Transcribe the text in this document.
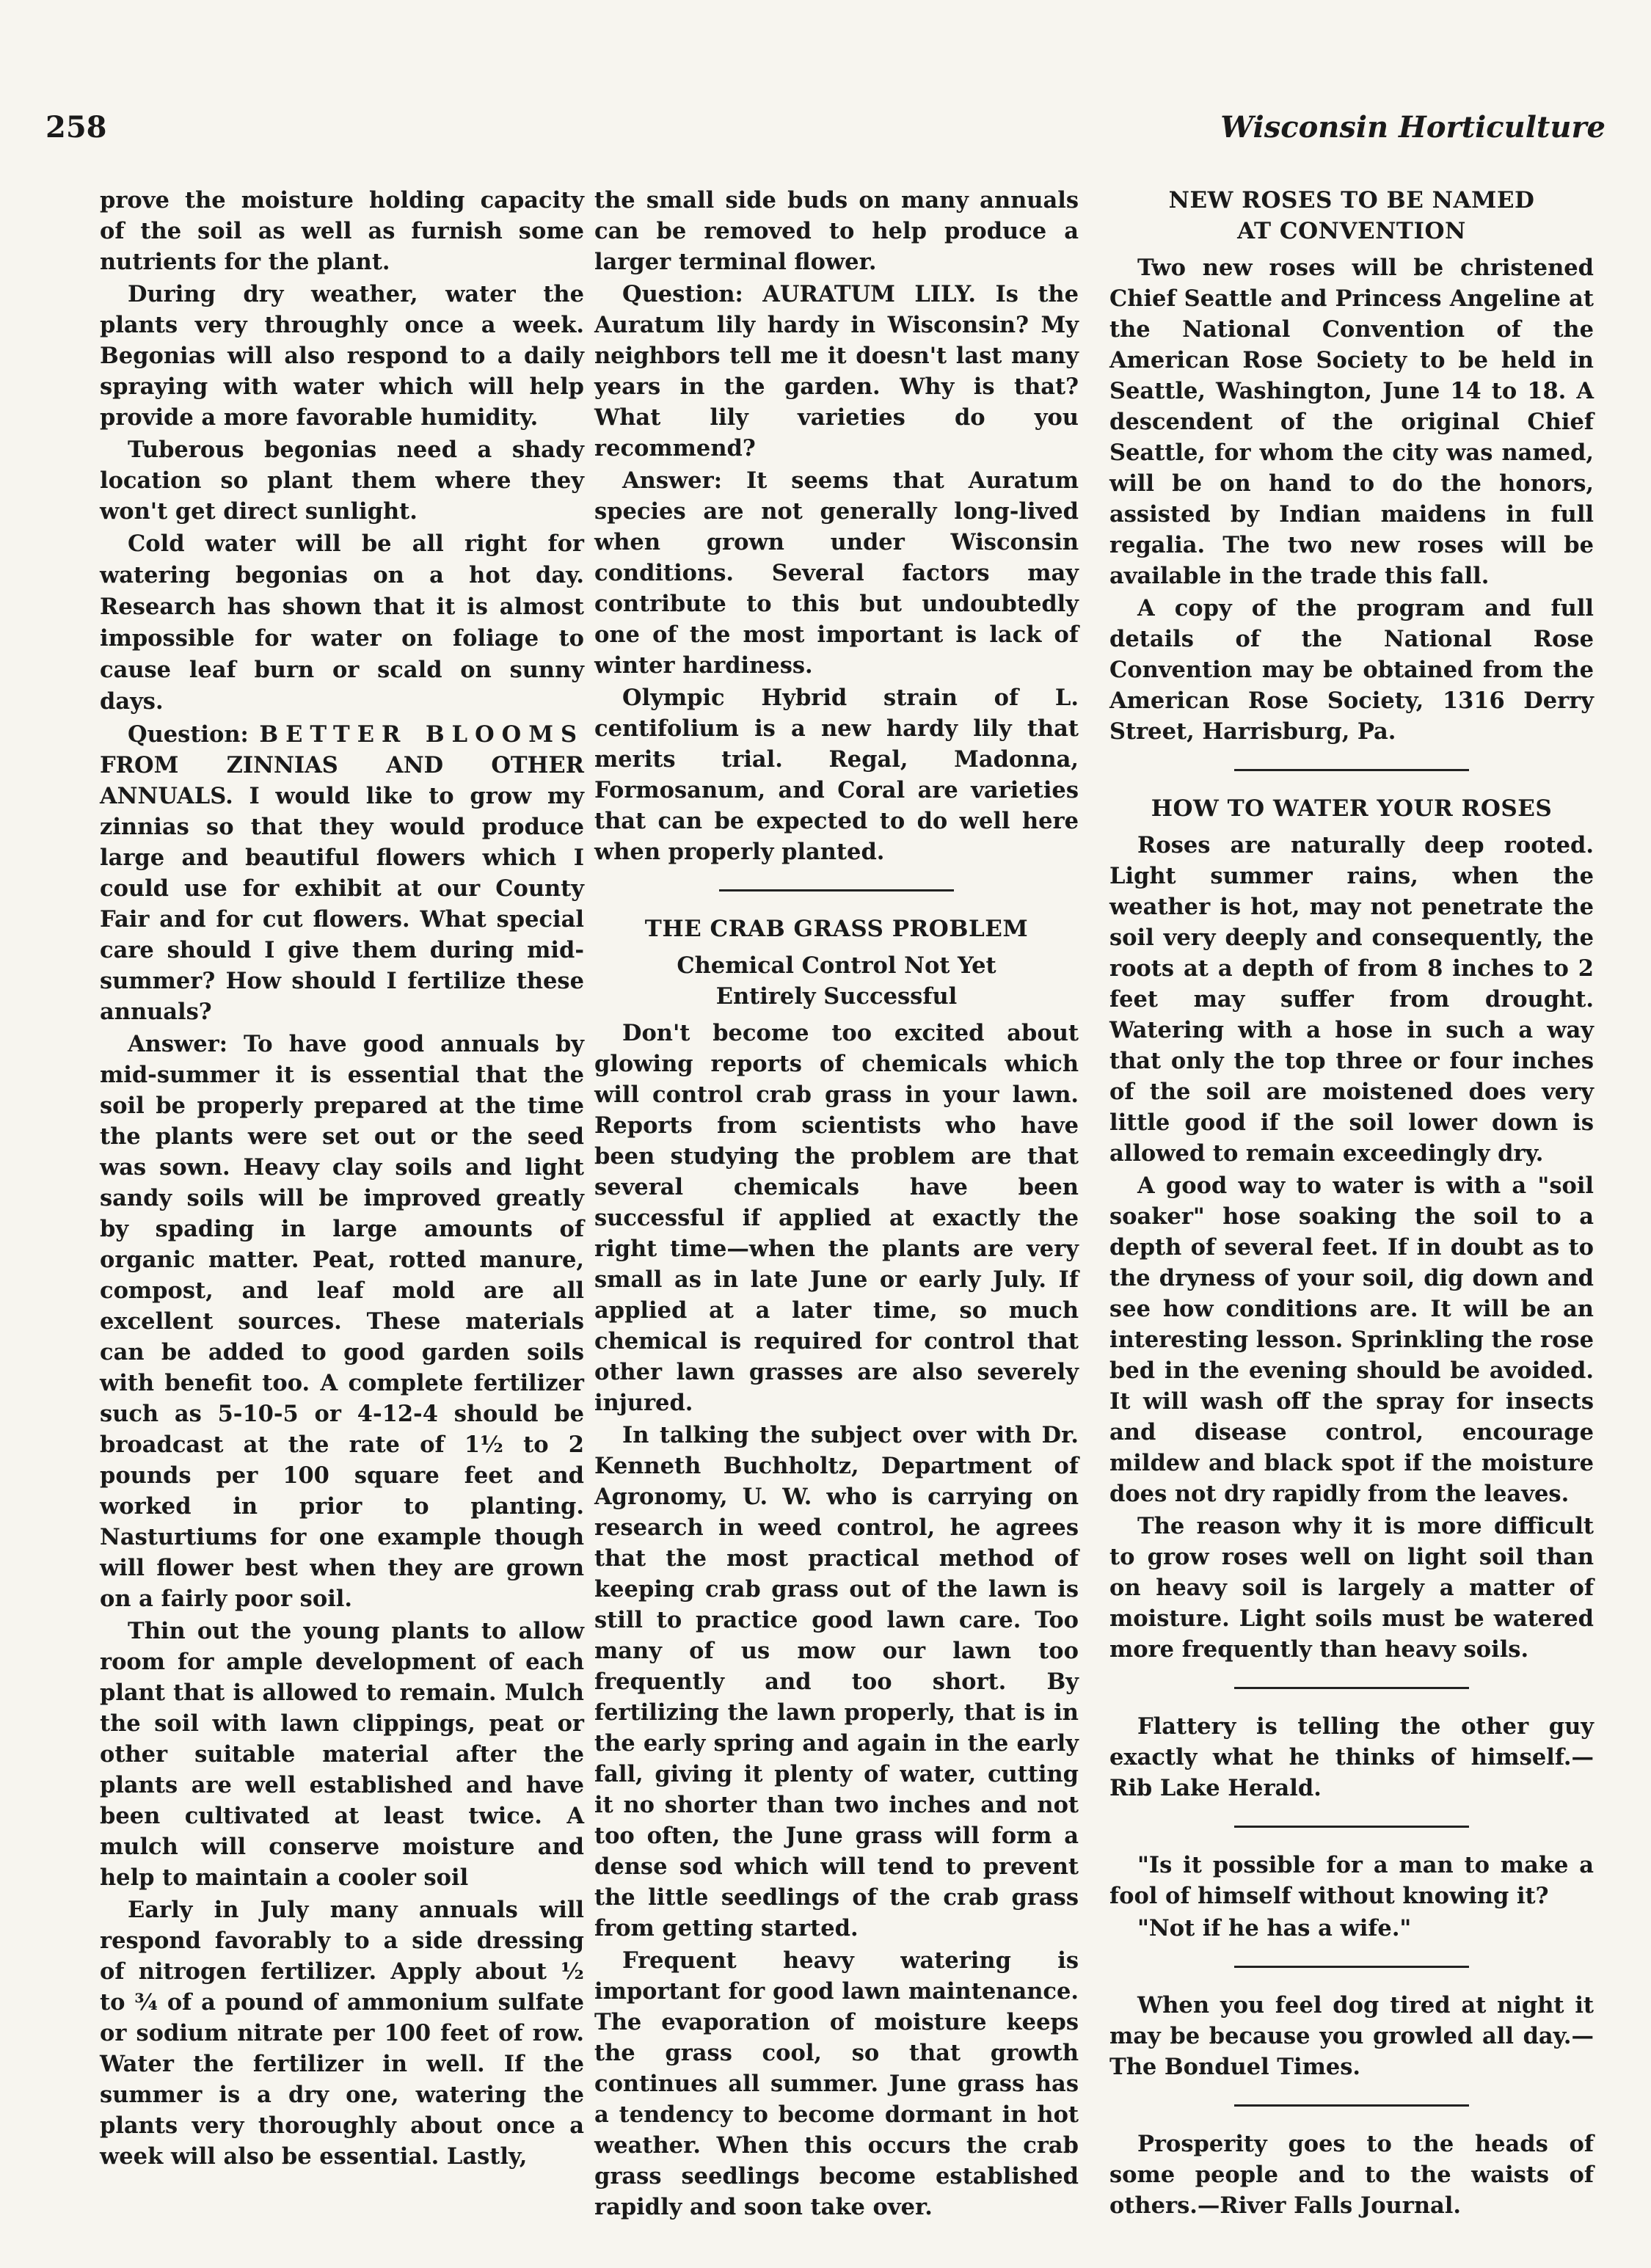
258	Wisconsin Horticulture

prove the moisture holding capacity of the soil as well as furnish some nutrients for the plant.

During dry weather, water the plants very throughly once a week. Begonias will also respond to a daily spraying with water which will help provide a more favorable humidity.

Tuberous begonias need a shady location so plant them where they won't get direct sunlight.

Cold water will be all right for watering begonias on a hot day. Research has shown that it is almost impossible for water on foliage to cause leaf burn or scald on sunny days.

Question: BETTER BLOOMS FROM ZINNIAS AND OTHER ANNUALS. I would like to grow my zinnias so that they would produce large and beautiful flowers which I could use for exhibit at our County Fair and for cut flowers. What special care should I give them during mid-summer? How should I fertilize these annuals?

Answer: To have good annuals by mid-summer it is essential that the soil be properly prepared at the time the plants were set out or the seed was sown. Heavy clay soils and light sandy soils will be improved greatly by spading in large amounts of organic matter. Peat, rotted manure, compost, and leaf mold are all excellent sources. These materials can be added to good garden soils with benefit too. A complete fertilizer such as 5-10-5 or 4-12-4 should be broadcast at the rate of 1½ to 2 pounds per 100 square feet and worked in prior to planting. Nasturtiums for one example though will flower best when they are grown on a fairly poor soil.

Thin out the young plants to allow room for ample development of each plant that is allowed to remain. Mulch the soil with lawn clippings, peat or other suitable material after the plants are well established and have been cultivated at least twice. A mulch will conserve moisture and help to maintain a cooler soil

Early in July many annuals will respond favorably to a side dressing of nitrogen fertilizer. Apply about ½ to ¾ of a pound of ammonium sulfate or sodium nitrate per 100 feet of row. Water the fertilizer in well. If the summer is a dry one, watering the plants very thoroughly about once a week will also be essential. Lastly,

the small side buds on many annuals can be removed to help produce a larger terminal flower.

Question: AURATUM LILY. Is the Auratum lily hardy in Wisconsin? My neighbors tell me it doesn't last many years in the garden. Why is that? What lily varieties do you recommend?

Answer: It seems that Auratum species are not generally long-lived when grown under Wisconsin conditions. Several factors may contribute to this but undoubtedly one of the most important is lack of winter hardiness.

Olympic Hybrid strain of L. centifolium is a new hardy lily that merits trial. Regal, Madonna, Formosanum, and Coral are varieties that can be expected to do well here when properly planted.

THE CRAB GRASS PROBLEM
Chemical Control Not Yet
Entirely Successful

Don't become too excited about glowing reports of chemicals which will control crab grass in your lawn. Reports from scientists who have been studying the problem are that several chemicals have been successful if applied at exactly the right time—when the plants are very small as in late June or early July. If applied at a later time, so much chemical is required for control that other lawn grasses are also severely injured.

In talking the subject over with Dr. Kenneth Buchholtz, Department of Agronomy, U. W. who is carrying on research in weed control, he agrees that the most practical method of keeping crab grass out of the lawn is still to practice good lawn care. Too many of us mow our lawn too frequently and too short. By fertilizing the lawn properly, that is in the early spring and again in the early fall, giving it plenty of water, cutting it no shorter than two inches and not too often, the June grass will form a dense sod which will tend to prevent the little seedlings of the crab grass from getting started.

Frequent heavy watering is important for good lawn maintenance. The evaporation of moisture keeps the grass cool, so that growth continues all summer. June grass has a tendency to become dormant in hot weather. When this occurs the crab grass seedlings become established rapidly and soon take over.

NEW ROSES TO BE NAMED
AT CONVENTION

Two new roses will be christened Chief Seattle and Princess Angeline at the National Convention of the American Rose Society to be held in Seattle, Washington, June 14 to 18. A descendent of the original Chief Seattle, for whom the city was named, will be on hand to do the honors, assisted by Indian maidens in full regalia. The two new roses will be available in the trade this fall.

A copy of the program and full details of the National Rose Convention may be obtained from the American Rose Society, 1316 Derry Street, Harrisburg, Pa.

HOW TO WATER YOUR ROSES

Roses are naturally deep rooted. Light summer rains, when the weather is hot, may not penetrate the soil very deeply and consequently, the roots at a depth of from 8 inches to 2 feet may suffer from drought. Watering with a hose in such a way that only the top three or four inches of the soil are moistened does very little good if the soil lower down is allowed to remain exceedingly dry.

A good way to water is with a "soil soaker" hose soaking the soil to a depth of several feet. If in doubt as to the dryness of your soil, dig down and see how conditions are. It will be an interesting lesson. Sprinkling the rose bed in the evening should be avoided. It will wash off the spray for insects and disease control, encourage mildew and black spot if the moisture does not dry rapidly from the leaves.

The reason why it is more difficult to grow roses well on light soil than on heavy soil is largely a matter of moisture. Light soils must be watered more frequently than heavy soils.

Flattery is telling the other guy exactly what he thinks of himself.—Rib Lake Herald.

"Is it possible for a man to make a fool of himself without knowing it?

"Not if he has a wife."

When you feel dog tired at night it may be because you growled all day.—The Bonduel Times.

Prosperity goes to the heads of some people and to the waists of others.—River Falls Journal.
